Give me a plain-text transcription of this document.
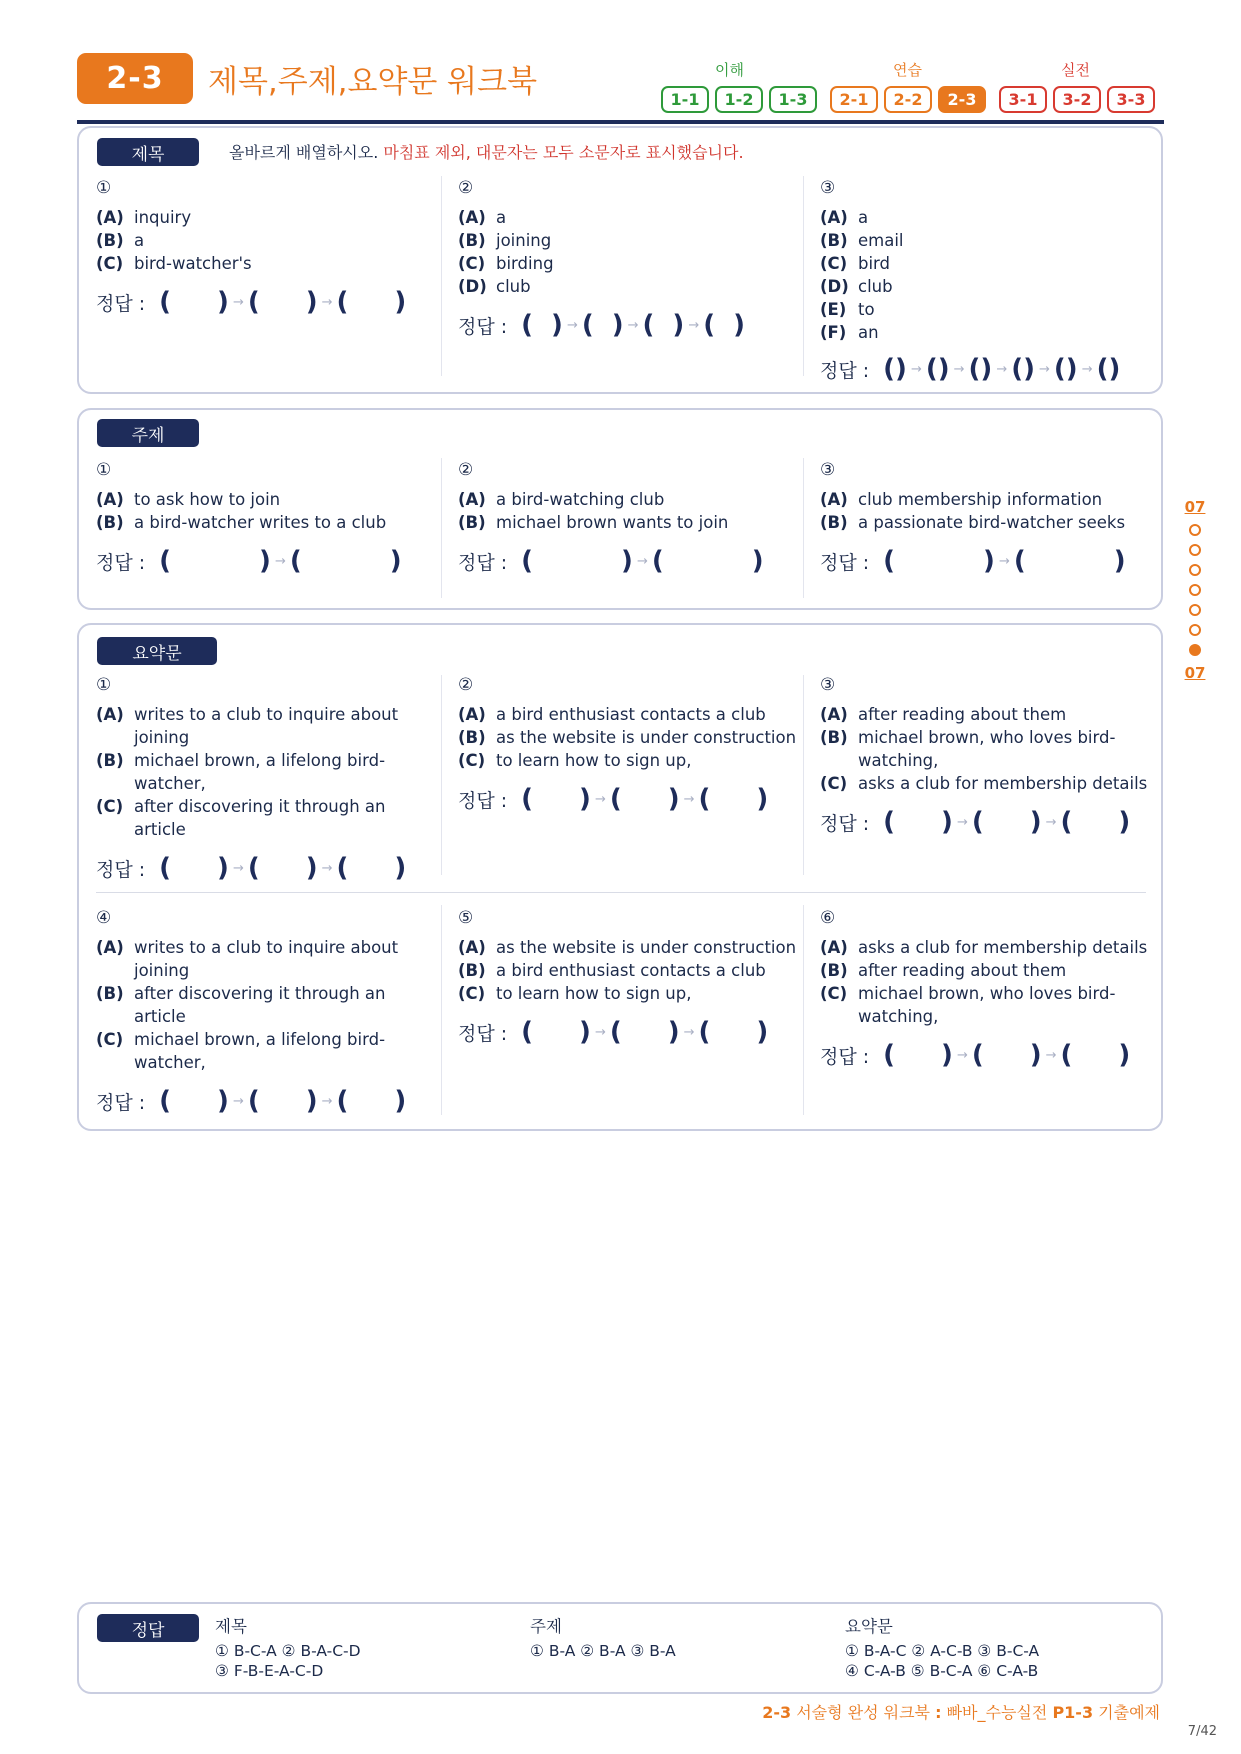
2-3	제목,주제,요약문 워크북	이해	연습	실전
1-1	1-2	1-3	2-1	2-2	2-3	3-1	3-2	3-3
제목	올바르게 배열하시오. 마침표 제외, 대문자는 모두 소문자로 표시했습니다.
①
(A) inquiry
(B) a
(C) bird-watcher's
정답 : ( ) → ( ) → ( )
②
(A) a
(B) joining
(C) birding
(D) club
정답 : ( ) → ( ) → ( ) → ( )
③
(A) a
(B) email
(C) bird
(D) club
(E) to
(F) an
정답 : ( ) → ( ) → ( ) → ( ) → ( ) → ( )
주제
①
(A) to ask how to join
(B) a bird-watcher writes to a club
정답 : (	) → (	)
②
(A) a bird-watching club
(B) michael brown wants to join
정답 : (	) → (	)
③
(A) club membership information
(B) a passionate bird-watcher seeks
정답 : (	) → (	)
요약문
①
(A) writes to a club to inquire about joining
(B) michael brown, a lifelong bird-watcher,
(C) after discovering it through an article
정답 : ( ) → ( ) → ( )
②
(A) a bird enthusiast contacts a club
(B) as the website is under construction
(C) to learn how to sign up,
정답 : ( ) → ( ) → ( )
③
(A) after reading about them
(B) michael brown, who loves bird-watching,
(C) asks a club for membership details
정답 : ( ) → ( ) → ( )
④
(A) writes to a club to inquire about joining
(B) after discovering it through an article
(C) michael brown, a lifelong bird-watcher,
정답 : ( ) → ( ) → ( )
⑤
(A) as the website is under construction
(B) a bird enthusiast contacts a club
(C) to learn how to sign up,
정답 : ( ) → ( ) → ( )
⑥
(A) asks a club for membership details
(B) after reading about them
(C) michael brown, who loves bird-watching,
정답 : ( ) → ( ) → ( )
07
07
정답	제목
① B-C-A ② B-A-C-D
③ F-B-E-A-C-D
주제
① B-A ② B-A ③ B-A
요약문
① B-A-C ② A-C-B ③ B-C-A
④ C-A-B ⑤ B-C-A ⑥ C-A-B
2-3 서술형 완성 워크북 : 빠바_수능실전 P1-3 기출예제
7/42
